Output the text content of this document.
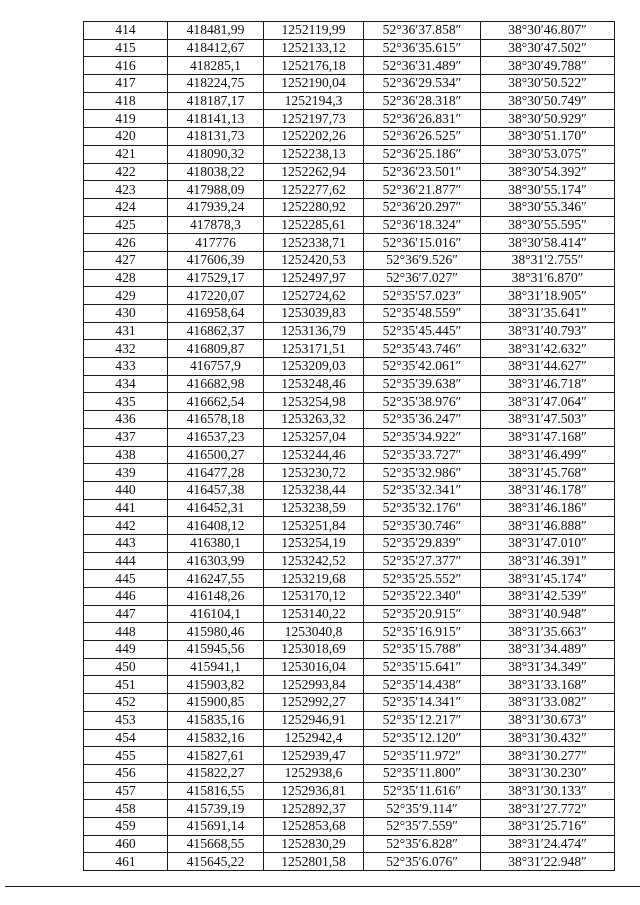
414	418481,99	1252119,99	52°36′37.858″	38°30′46.807″
415	418412,67	1252133,12	52°36′35.615″	38°30′47.502″
416	418285,1	1252176,18	52°36′31.489″	38°30′49.788″
417	418224,75	1252190,04	52°36′29.534″	38°30′50.522″
418	418187,17	1252194,3	52°36′28.318″	38°30′50.749″
419	418141,13	1252197,73	52°36′26.831″	38°30′50.929″
420	418131,73	1252202,26	52°36′26.525″	38°30′51.170″
421	418090,32	1252238,13	52°36′25.186″	38°30′53.075″
422	418038,22	1252262,94	52°36′23.501″	38°30′54.392″
423	417988,09	1252277,62	52°36′21.877″	38°30′55.174″
424	417939,24	1252280,92	52°36′20.297″	38°30′55.346″
425	417878,3	1252285,61	52°36′18.324″	38°30′55.595″
426	417776	1252338,71	52°36′15.016″	38°30′58.414″
427	417606,39	1252420,53	52°36′9.526″	38°31′2.755″
428	417529,17	1252497,97	52°36′7.027″	38°31′6.870″
429	417220,07	1252724,62	52°35′57.023″	38°31′18.905″
430	416958,64	1253039,83	52°35′48.559″	38°31′35.641″
431	416862,37	1253136,79	52°35′45.445″	38°31′40.793″
432	416809,87	1253171,51	52°35′43.746″	38°31′42.632″
433	416757,9	1253209,03	52°35′42.061″	38°31′44.627″
434	416682,98	1253248,46	52°35′39.638″	38°31′46.718″
435	416662,54	1253254,98	52°35′38.976″	38°31′47.064″
436	416578,18	1253263,32	52°35′36.247″	38°31′47.503″
437	416537,23	1253257,04	52°35′34.922″	38°31′47.168″
438	416500,27	1253244,46	52°35′33.727″	38°31′46.499″
439	416477,28	1253230,72	52°35′32.986″	38°31′45.768″
440	416457,38	1253238,44	52°35′32.341″	38°31′46.178″
441	416452,31	1253238,59	52°35′32.176″	38°31′46.186″
442	416408,12	1253251,84	52°35′30.746″	38°31′46.888″
443	416380,1	1253254,19	52°35′29.839″	38°31′47.010″
444	416303,99	1253242,52	52°35′27.377″	38°31′46.391″
445	416247,55	1253219,68	52°35′25.552″	38°31′45.174″
446	416148,26	1253170,12	52°35′22.340″	38°31′42.539″
447	416104,1	1253140,22	52°35′20.915″	38°31′40.948″
448	415980,46	1253040,8	52°35′16.915″	38°31′35.663″
449	415945,56	1253018,69	52°35′15.788″	38°31′34.489″
450	415941,1	1253016,04	52°35′15.641″	38°31′34.349″
451	415903,82	1252993,84	52°35′14.438″	38°31′33.168″
452	415900,85	1252992,27	52°35′14.341″	38°31′33.082″
453	415835,16	1252946,91	52°35′12.217″	38°31′30.673″
454	415832,16	1252942,4	52°35′12.120″	38°31′30.432″
455	415827,61	1252939,47	52°35′11.972″	38°31′30.277″
456	415822,27	1252938,6	52°35′11.800″	38°31′30.230″
457	415816,55	1252936,81	52°35′11.616″	38°31′30.133″
458	415739,19	1252892,37	52°35′9.114″	38°31′27.772″
459	415691,14	1252853,68	52°35′7.559″	38°31′25.716″
460	415668,55	1252830,29	52°35′6.828″	38°31′24.474″
461	415645,22	1252801,58	52°35′6.076″	38°31′22.948″
